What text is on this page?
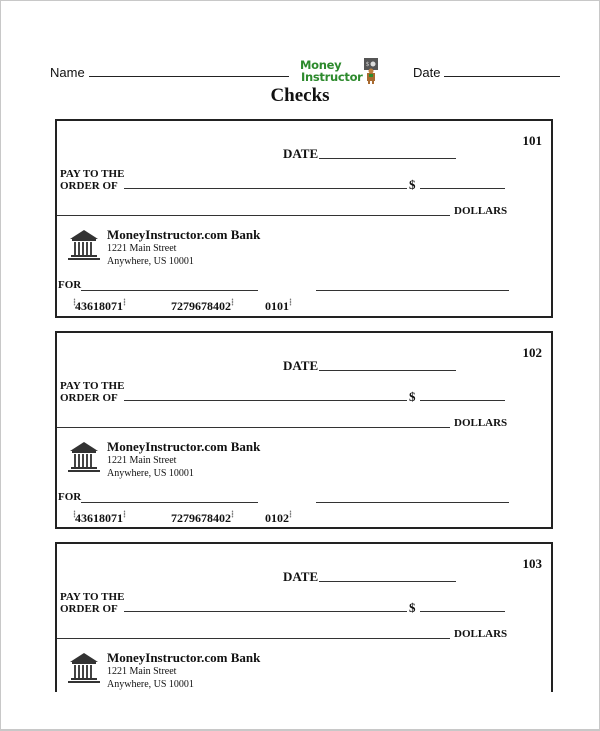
Name	Money
Instructor
$	Date
Checks
101
DATE
PAY TO THE
ORDER OF	$
DOLLARS
MoneyInstructor.com Bank
1221 Main Street
Anywhere, US 10001
FOR
⁞43618071⁞	7279678402⁞	0101⁞
102
DATE
PAY TO THE
ORDER OF	$
DOLLARS
MoneyInstructor.com Bank
1221 Main Street
Anywhere, US 10001
FOR
⁞43618071⁞	7279678402⁞	0102⁞
103
DATE
PAY TO THE
ORDER OF	$
DOLLARS
MoneyInstructor.com Bank
1221 Main Street
Anywhere, US 10001
